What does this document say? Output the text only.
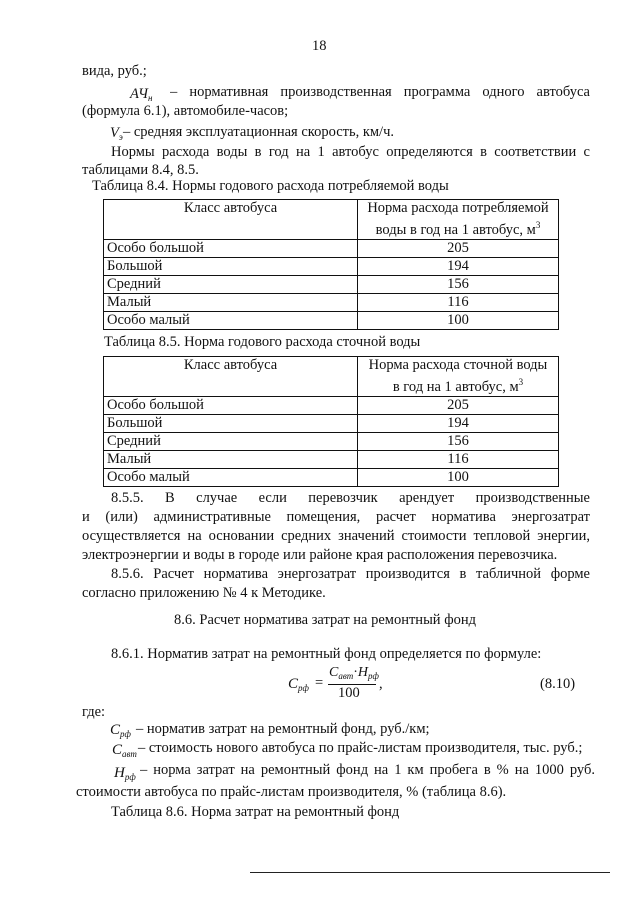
18
вида, руб.;
$АЧ_н$ – нормативная производственная программа одного автобуса
(формула 6.1), автомобиле-часов;
$V_э$ – средняя эксплуатационная скорость, км/ч.
Нормы расхода воды в год на 1 автобус определяются в соответствии с
таблицами 8.4, 8.5.
Таблица 8.4. Нормы годового расхода потребляемой воды
Класс автобуса	Норма расхода потребляемой
воды в год на 1 автобус, $м^3$
Особо большой	205
Большой	194
Средний	156
Малый	116
Особо малый	100
Таблица 8.5. Норма годового расхода сточной воды
Класс автобуса	Норма расхода сточной воды
в год на 1 автобус, $м^3$
Особо большой	205
Большой	194
Средний	156
Малый	116
Особо малый	100
8.5.5. В случае если перевозчик арендует производственные
и (или) административные помещения, расчет норматива энергозатрат
осуществляется на основании средних значений стоимости тепловой энергии,
электроэнергии и воды в городе или районе края расположения перевозчика.
8.5.6. Расчет норматива энергозатрат производится в табличной форме
согласно приложению № 4 к Методике.
8.6. Расчет норматива затрат на ремонтный фонд
8.6.1. Норматив затрат на ремонтный фонд определяется по формуле:
$С_{рф}$ =
$С_{авт}\cdot Н_{рф}$
100
,	(8.10)
где:
$С_{рф}$ – норматив затрат на ремонтный фонд, руб./км;
$С_{авт}$ – стоимость нового автобуса по прайс-листам производителя, тыс. руб.;
$Н_{рф}$ – норма затрат на ремонтный фонд на 1 км пробега в % на 1000 руб.
стоимости автобуса по прайс-листам производителя, % (таблица 8.6).
Таблица 8.6. Норма затрат на ремонтный фонд
